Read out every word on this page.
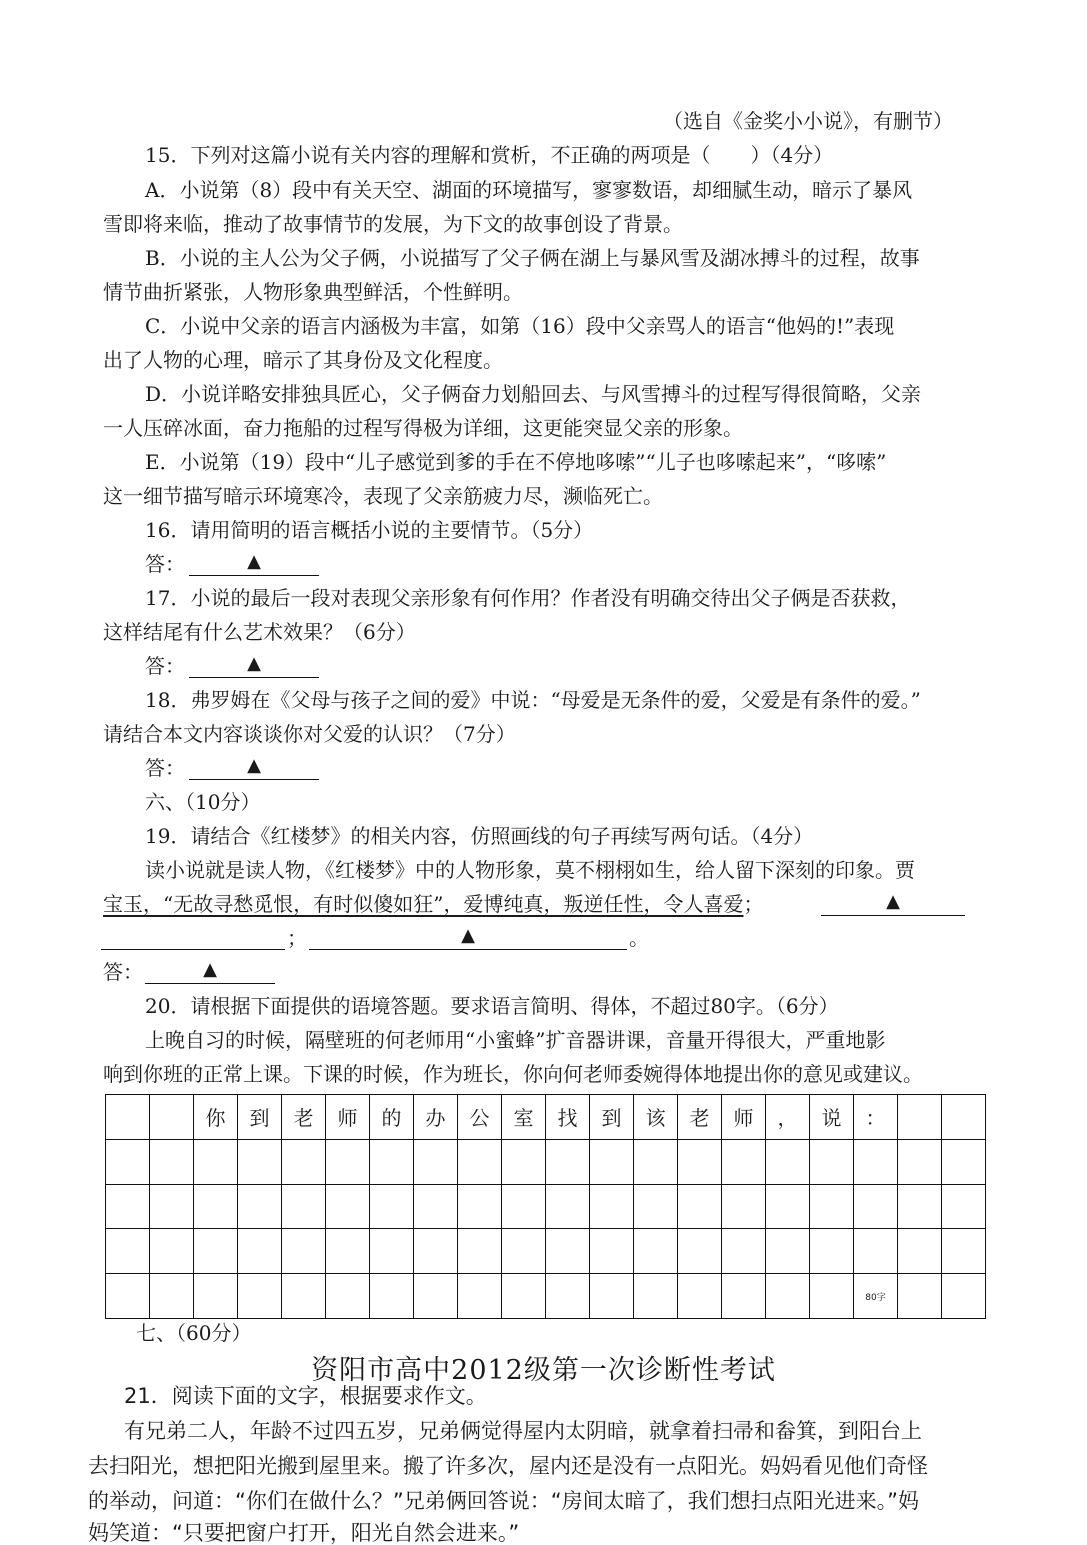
（选自《金奖小小说》，有删节）
15．下列对这篇小说有关内容的理解和赏析，不正确的两项是（　　）（4分）
A．小说第（8）段中有关天空、湖面的环境描写，寥寥数语，却细腻生动，暗示了暴风
雪即将来临，推动了故事情节的发展，为下文的故事创设了背景。
B．小说的主人公为父子俩，小说描写了父子俩在湖上与暴风雪及湖冰搏斗的过程，故事
情节曲折紧张，人物形象典型鲜活，个性鲜明。
C．小说中父亲的语言内涵极为丰富，如第（16）段中父亲骂人的语言“他妈的!”表现
出了人物的心理，暗示了其身份及文化程度。
D．小说详略安排独具匠心，父子俩奋力划船回去、与风雪搏斗的过程写得很简略，父亲
一人压碎冰面，奋力拖船的过程写得极为详细，这更能突显父亲的形象。
E．小说第（19）段中“儿子感觉到爹的手在不停地哆嗦”“儿子也哆嗦起来”，“哆嗦”
这一细节描写暗示环境寒冷，表现了父亲筋疲力尽，濒临死亡。
16．请用简明的语言概括小说的主要情节。（5分）
答：	▲
17．小说的最后一段对表现父亲形象有何作用？作者没有明确交待出父子俩是否获救，
这样结尾有什么艺术效果？（6分）
答：	▲
18．弗罗姆在《父母与孩子之间的爱》中说：“母爱是无条件的爱，父爱是有条件的爱。”
请结合本文内容谈谈你对父爱的认识？（7分）
答：	▲
六、（10分）
19．请结合《红楼梦》的相关内容，仿照画线的句子再续写两句话。（4分）
读小说就是读人物，《红楼梦》中的人物形象，莫不栩栩如生，给人留下深刻的印象。贾
宝玉，“无故寻愁觅恨，有时似傻如狂”，爱博纯真，叛逆任性，令人喜爱；	▲
；	▲	。
答：	▲
20．请根据下面提供的语境答题。要求语言简明、得体，不超过80字。（6分）
上晚自习的时候，隔壁班的何老师用“小蜜蜂”扩音器讲课，音量开得很大，严重地影
响到你班的正常上课。下课的时候，作为班长，你向何老师委婉得体地提出你的意见或建议。
		你	到	老	师	的	办	公	室	找	到	该	老	师	，	说	：		

																	80字		
七、（60分）
资阳市高中2012级第一次诊断性考试
21．阅读下面的文字，根据要求作文。
有兄弟二人，年龄不过四五岁，兄弟俩觉得屋内太阴暗，就拿着扫帚和畚箕，到阳台上
去扫阳光，想把阳光搬到屋里来。搬了许多次，屋内还是没有一点阳光。妈妈看见他们奇怪
的举动，问道：“你们在做什么？”兄弟俩回答说：“房间太暗了，我们想扫点阳光进来。”妈
妈笑道：“只要把窗户打开，阳光自然会进来。”
